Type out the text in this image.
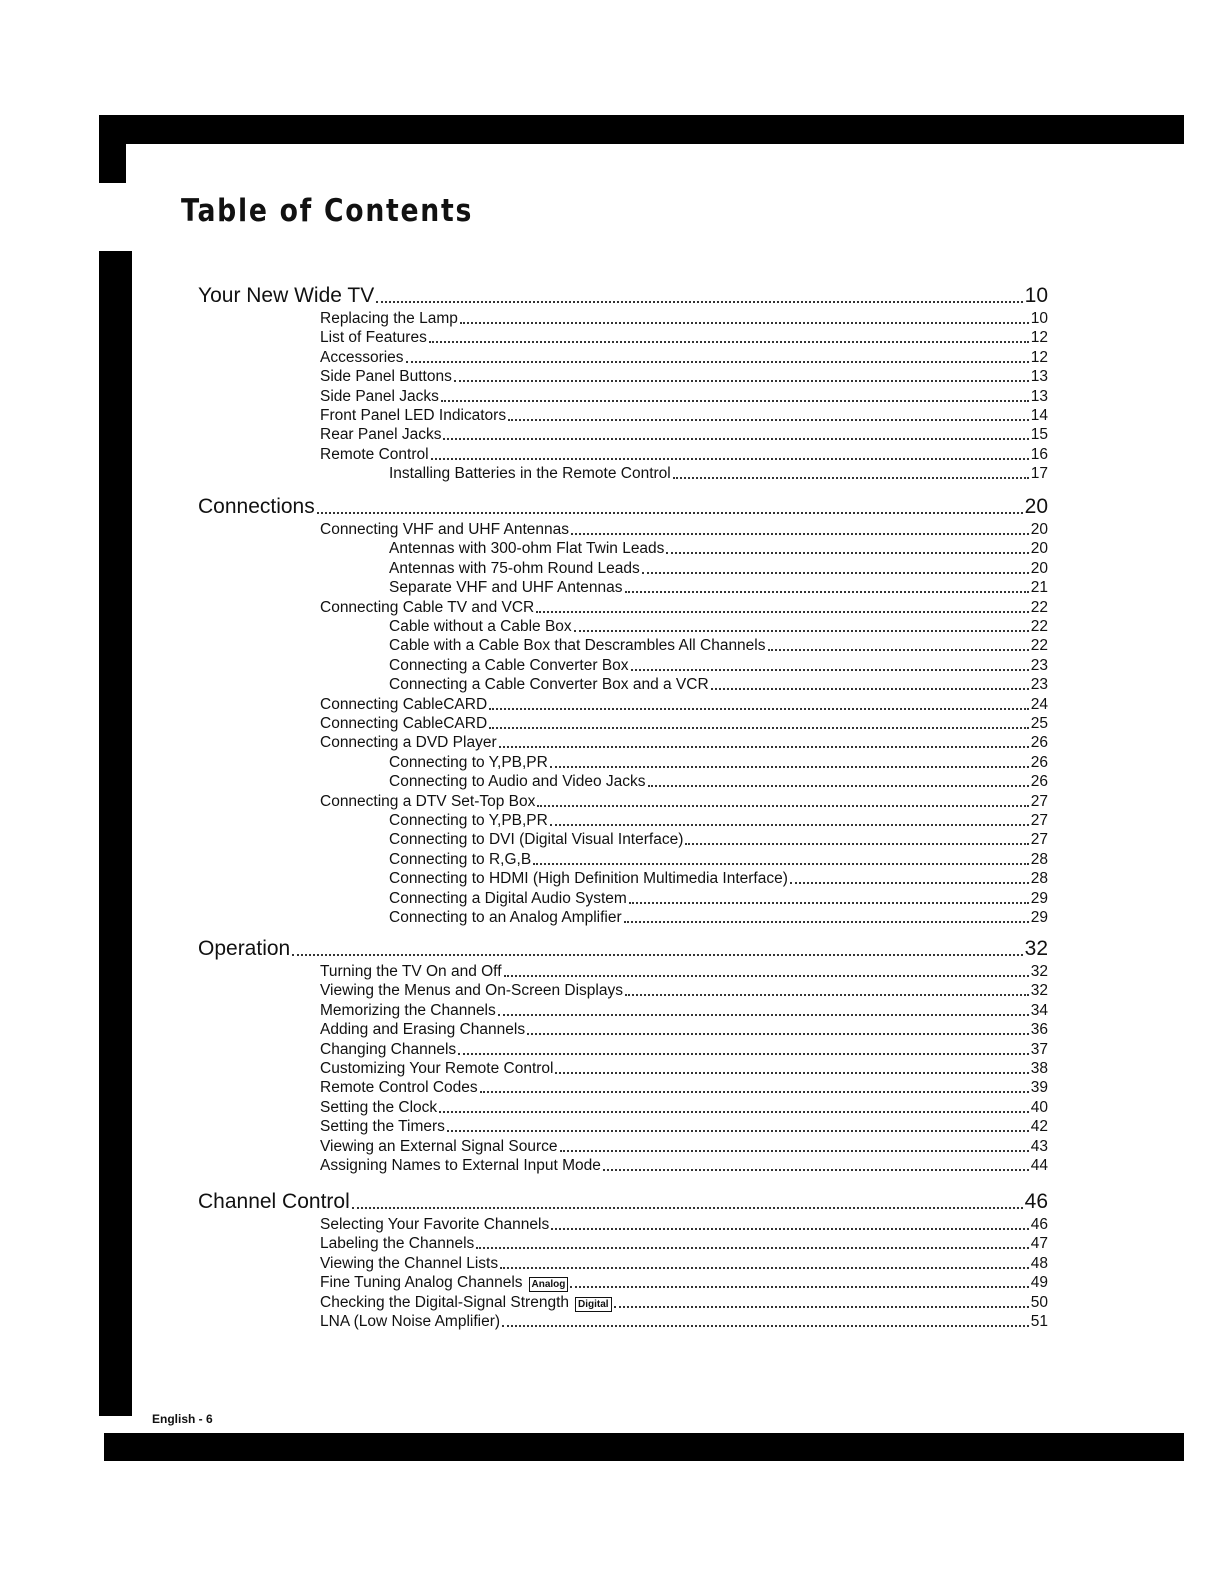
Table of Contents
Your New Wide TV	10
Replacing the Lamp	10
List of Features	12
Accessories	12
Side Panel Buttons	13
Side Panel Jacks	13
Front Panel LED Indicators	14
Rear Panel Jacks	15
Remote Control	16
Installing Batteries in the Remote Control	17
Connections	20
Connecting VHF and UHF Antennas	20
Antennas with 300-ohm Flat Twin Leads	20
Antennas with 75-ohm Round Leads	20
Separate VHF and UHF Antennas	21
Connecting Cable TV and VCR	22
Cable without a Cable Box	22
Cable with a Cable Box that Descrambles All Channels	22
Connecting a Cable Converter Box	23
Connecting a Cable Converter Box and a VCR	23
Connecting CableCARD	24
Connecting CableCARD	25
Connecting a DVD Player	26
Connecting to Y,PB,PR	26
Connecting to Audio and Video Jacks	26
Connecting a DTV Set-Top Box	27
Connecting to Y,PB,PR	27
Connecting to DVI (Digital Visual Interface)	27
Connecting to R,G,B	28
Connecting to HDMI (High Definition Multimedia Interface)	28
Connecting a Digital Audio System	29
Connecting to an Analog Amplifier	29
Operation	32
Turning the TV On and Off	32
Viewing the Menus and On-Screen Displays	32
Memorizing the Channels	34
Adding and Erasing Channels	36
Changing Channels	37
Customizing Your Remote Control	38
Remote Control Codes	39
Setting the Clock	40
Setting the Timers	42
Viewing an External Signal Source	43
Assigning Names to External Input Mode	44
Channel Control	46
Selecting Your Favorite Channels	46
Labeling the Channels	47
Viewing the Channel Lists	48
Fine Tuning Analog Channels Analog	49
Checking the Digital-Signal Strength Digital	50
LNA (Low Noise Amplifier)	51
English - 6
